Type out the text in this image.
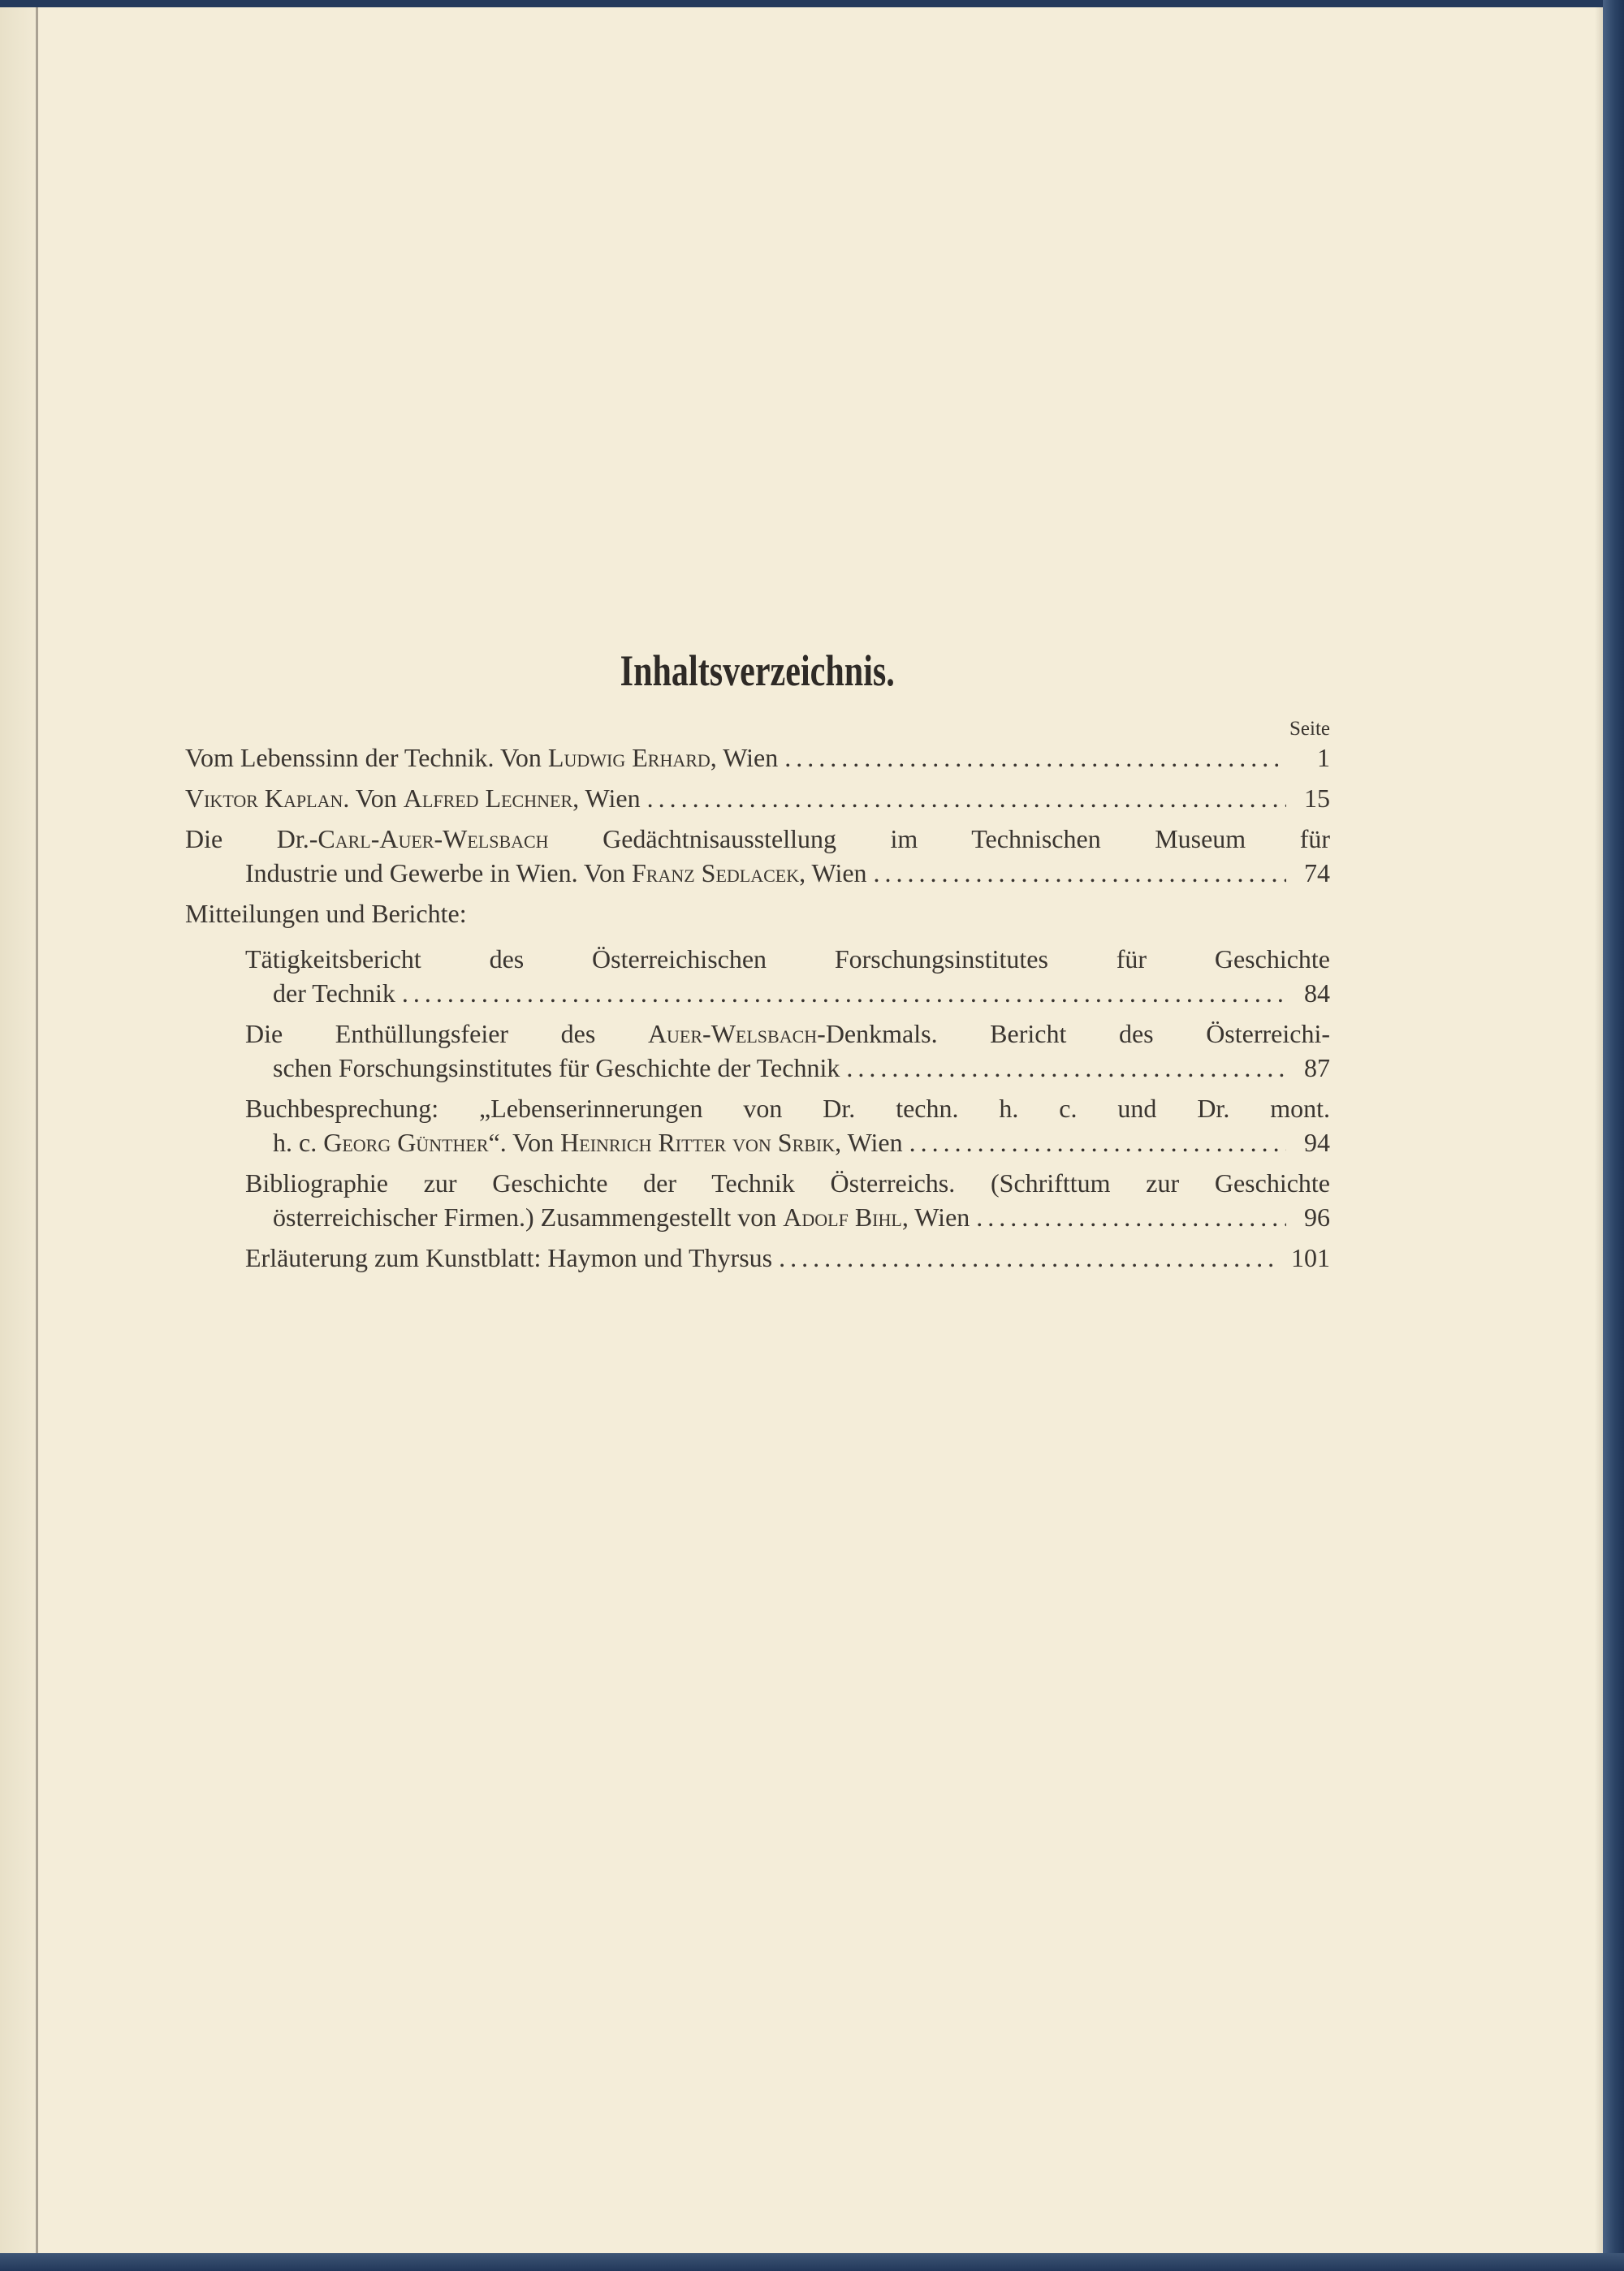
Inhaltsverzeichnis.
Seite
Vom Lebenssinn der Technik. Von Ludwig Erhard, Wien .....	1
Viktor Kaplan. Von Alfred Lechner, Wien .....	15
Die Dr.-Carl-Auer-Welsbach Gedächtnisausstellung im Technischen Museum für
Industrie und Gewerbe in Wien. Von Franz Sedlacek, Wien .....	74
Mitteilungen und Berichte:
Tätigkeitsbericht des Österreichischen Forschungsinstitutes für Geschichte
der Technik .....	84
Die Enthüllungsfeier des Auer-Welsbach-Denkmals. Bericht des Österreichi-
schen Forschungsinstitutes für Geschichte der Technik .....	87
Buchbesprechung: „Lebenserinnerungen von Dr. techn. h. c. und Dr. mont.
h. c. Georg Günther“. Von Heinrich Ritter von Srbik, Wien .....	94
Bibliographie zur Geschichte der Technik Österreichs. (Schrifttum zur Geschichte
österreichischer Firmen.) Zusammengestellt von Adolf Bihl, Wien .....	96
Erläuterung zum Kunstblatt: Haymon und Thyrsus .....	101
